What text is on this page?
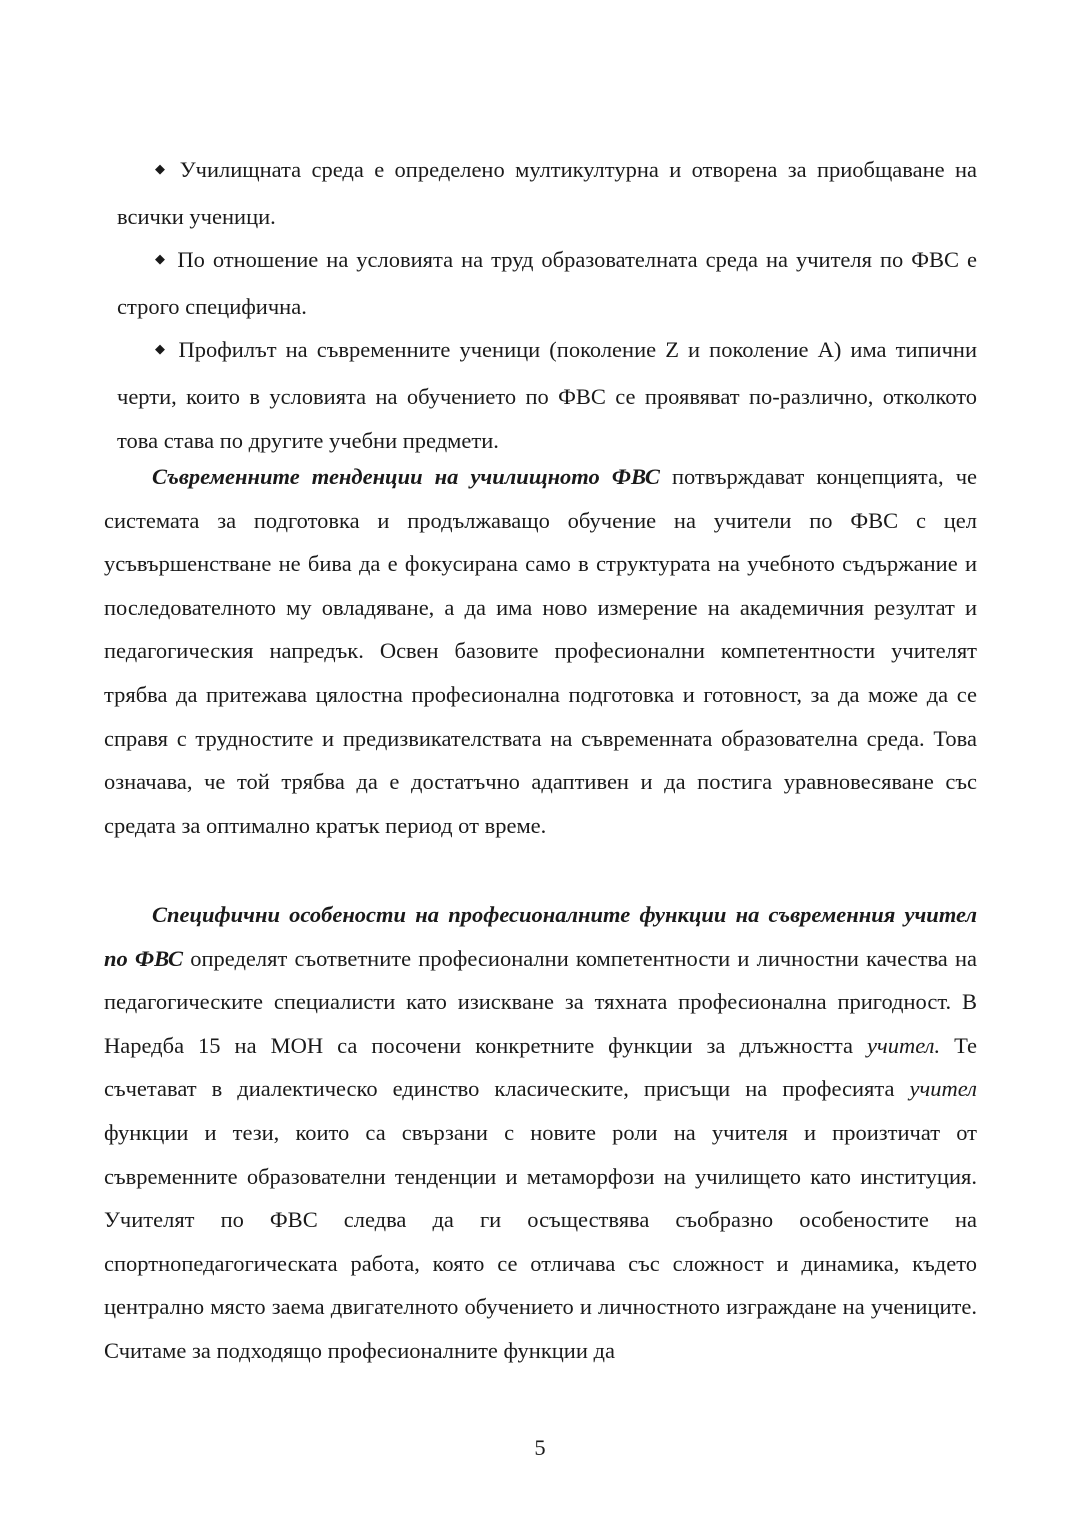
◆ Училищната среда е определено мултикултурна и отворена за приобщаване на всички ученици.

◆ По отношение на условията на труд образователната среда на учителя по ФВС е строго специфична.

◆ Профилът на съвременните ученици (поколение Z и поколение A) има типични черти, които в условията на обучението по ФВС се проявяват по-различно, отколкото това става по другите учебни предмети.

Съвременните тенденции на училищното ФВС потвърждават концепцията, че системата за подготовка и продължаващо обучение на учители по ФВС с цел усъвършенстване не бива да е фокусирана само в структурата на учебното съдържание и последователното му овладяване, а да има ново измерение на академичния резултат и педагогическия напредък. Освен базовите професионални компетентности учителят трябва да притежава цялостна професионална подготовка и готовност, за да може да се справя с трудностите и предизвикателствата на съвременната образователна среда. Това означава, че той трябва да е достатъчно адаптивен и да постига уравновесяване със средата за оптимално кратък период от време.

Специфични особености на професионалните функции на съвременния учител по ФВС определят съответните професионални компетентности и личностни качества на педагогическите специалисти като изискване за тяхната професионална пригодност. В Наредба 15 на МОН са посочени конкретните функции за длъжността учител. Те съчетават в диалектическо единство класическите, присъщи на професията учител функции и тези, които са свързани с новите роли на учителя и произтичат от съвременните образователни тенденции и метаморфози на училището като институция. Учителят по ФВС следва да ги осъществява съобразно особеностите на спортнопедагогическата работа, която се отличава със сложност и динамика, където централно място заема двигателното обучението и личностното изграждане на учениците. Считаме за подходящо професионалните функции да

5
